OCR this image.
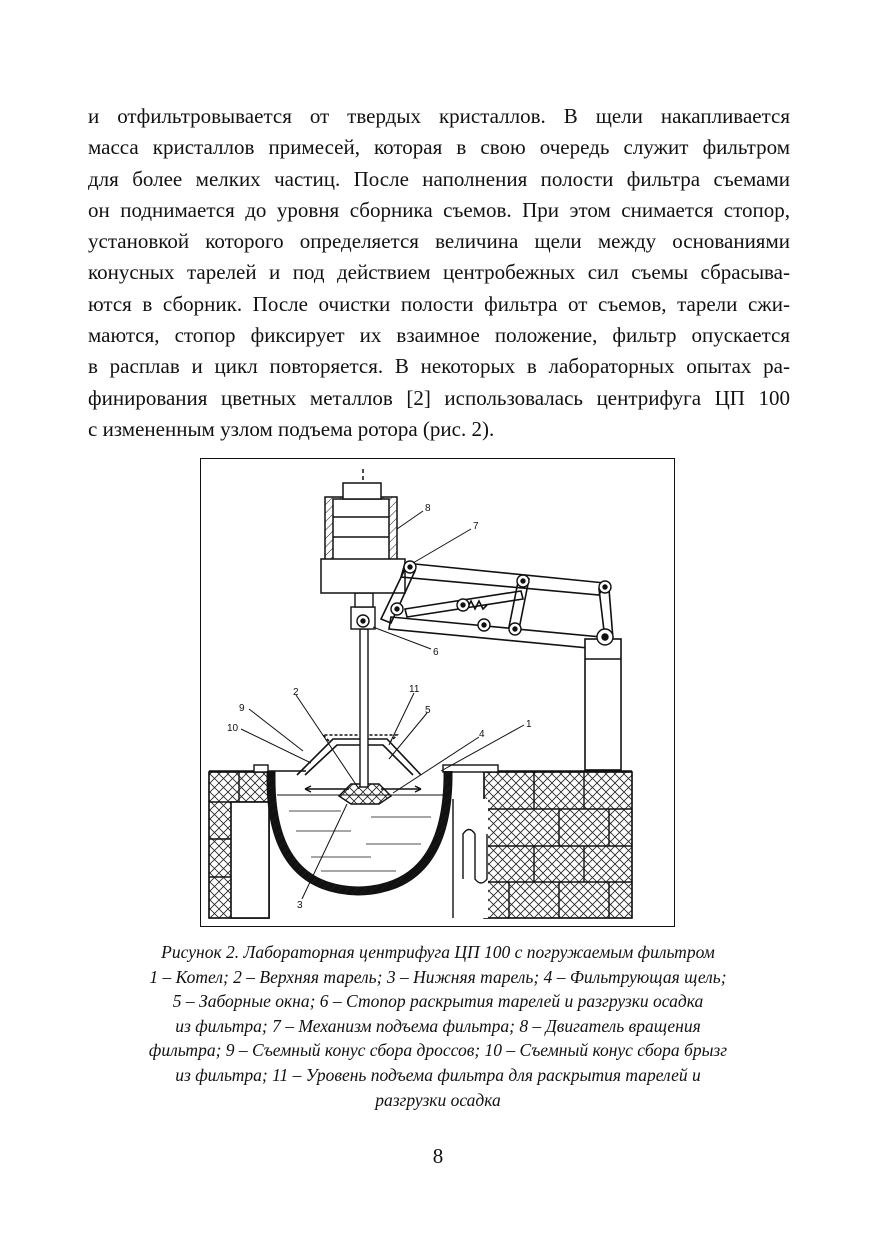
и отфильтровывается от твердых кристаллов. В щели накапливается
масса кристаллов примесей, которая в свою очередь служит фильтром
для более мелких частиц. После наполнения полости фильтра съемами
он поднимается до уровня сборника съемов. При этом снимается стопор,
установкой которого определяется величина щели между основаниями
конусных тарелей и под действием центробежных сил съемы сбрасыва-
ются в сборник. После очистки полости фильтра от съемов, тарели сжи-
маются, стопор фиксирует их взаимное положение, фильтр опускается
в расплав и цикл повторяется. В некоторых в лабораторных опытах ра-
финирования цветных металлов [2] использовалась центрифуга ЦП 100
с измененным узлом подъема ротора (рис. 2).
8
7
6
2
9
10
11
5
4
1
3
Рисунок 2. Лабораторная центрифуга ЦП 100 с погружаемым фильтром
1 – Котел; 2 – Верхняя тарель; 3 – Нижняя тарель; 4 – Фильтрующая щель;
5 – Заборные окна; 6 – Стопор раскрытия тарелей и разгрузки осадка
из фильтра; 7 – Механизм подъема фильтра; 8 – Двигатель вращения
фильтра; 9 – Съемный конус сбора дроссов; 10 – Съемный конус сбора брызг
из фильтра; 11 – Уровень подъема фильтра для раскрытия тарелей и
разгрузки осадка
8
